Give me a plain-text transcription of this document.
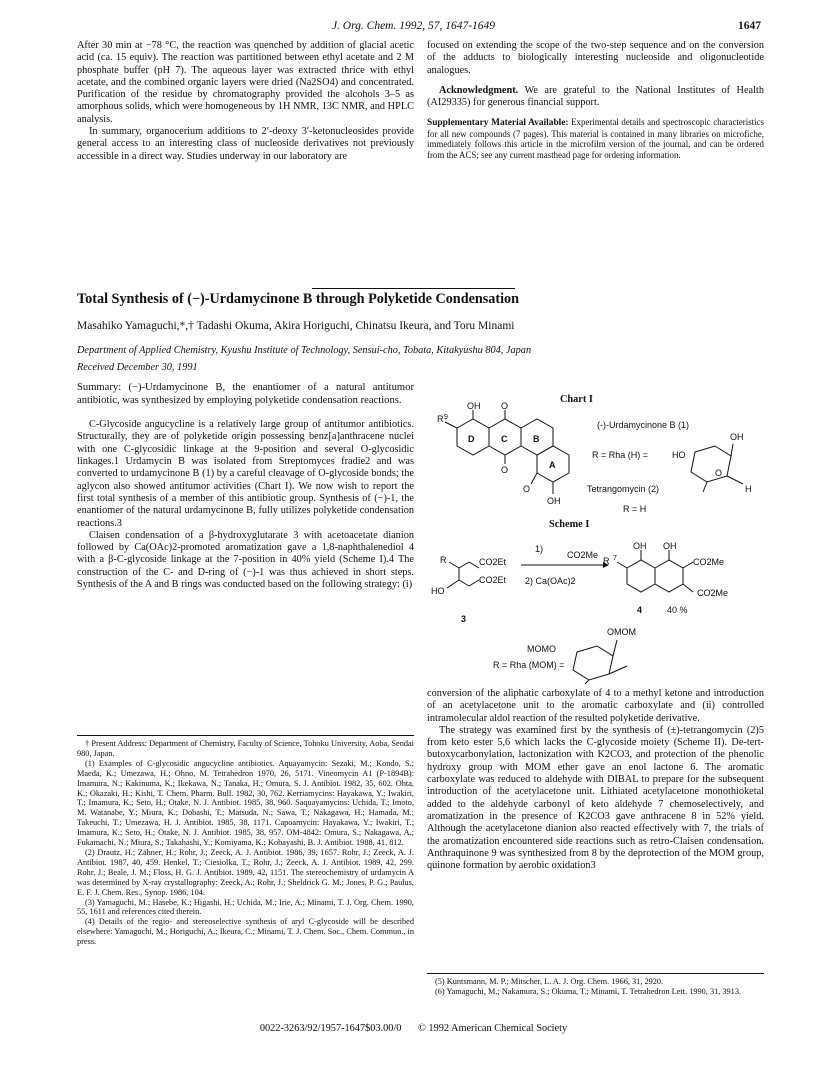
J. Org. Chem. 1992, 57, 1647-1649	1647

After 30 min at −78 °C, the reaction was quenched by addition of glacial acetic acid (ca. 15 equiv). The reaction was partitioned between ethyl acetate and 2 M phosphate buffer (pH 7). The aqueous layer was extracted thrice with ethyl acetate, and the combined organic layers were dried (Na2SO4) and concentrated. Purification of the residue by chromatography provided the alcohols 3–5 as amorphous solids, which were homogeneous by 1H NMR, 13C NMR, and HPLC analysis.

In summary, organocerium additions to 2′-deoxy 3′-ketonucleosides provide general access to an interesting class of nucleoside derivatives not previously accessible in a direct way. Studies underway in our laboratory are

focused on extending the scope of the two-step sequence and on the conversion of the adducts to biologically interesting nucleoside and oligonucleotide analogues.

Acknowledgment. We are grateful to the National Institutes of Health (AI29335) for generous financial support.

Supplementary Material Available: Experimental details and spectroscopic characteristics for all new compounds (7 pages). This material is contained in many libraries on microfiche, immediately follows this article in the microfilm version of the journal, and can be ordered from the ACS; see any current masthead page for ordering information.

Total Synthesis of (−)-Urdamycinone B through Polyketide Condensation
Masahiko Yamaguchi,*,† Tadashi Okuma, Akira Horiguchi, Chinatsu Ikeura, and Toru Minami
Department of Applied Chemistry, Kyushu Institute of Technology, Sensui-cho, Tobata, Kitakyushu 804, Japan
Received December 30, 1991

Summary: (−)-Urdamycinone B, the enantiomer of a natural antitumor antibiotic, was synthesized by employing polyketide condensation reactions.

C-Glycoside angucycline is a relatively large group of antitumor antibiotics. Structurally, they are of polyketide origin possessing benz[a]anthracene nuclei with one C-glycosidic linkage at the 9-position and several O-glycosidic linkages.1 Urdamycin B was isolated from Streptomyces fradie2 and was converted to urdamycinone B (1) by a careful cleavage of O-glycoside bonds; the aglycon also showed antitumor activities (Chart I). We now wish to report the first total synthesis of a member of this antibiotic group. Synthesis of (−)-1, the enantiomer of the natural urdamycinone B, fully utilizes polyketide condensation reactions.3

Claisen condensation of a β-hydroxyglutarate 3 with acetoacetate dianion followed by Ca(OAc)2-promoted aromatization gave a 1,8-naphthalenediol 4 with a β-C-glycoside linkage at the 7-position in 40% yield (Scheme I).4 The construction of the C- and D-ring of (−)-1 was thus achieved in short steps. Synthesis of the A and B rings was conducted based on the following strategy: (i)

† Present Address: Department of Chemistry, Faculty of Science, Tohoku University, Aoba, Sendai 980, Japan.

(1) Examples of C-glycosidic angucycline antibiotics. Aquayamycin: Sezaki, M.; Kondo, S.; Maeda, K.; Umezawa, H.; Ohno, M. Tetrahedron 1970, 26, 5171. Vineomycin A1 (P-1894B): Imamura, N.; Kakinuma, K.; Ikekawa, N.; Tanaka, H.; Omura, S. J. Antibiot. 1982, 35, 602. Ohta, K.; Okazaki, H.; Kishi, T. Chem. Pharm. Bull. 1982, 30, 762. Kerriamycins: Hayakawa, Y.; Iwakiri, T.; Imamura, K.; Seto, H.; Otake, N. J. Antibiot. 1985, 38, 960. Saquayamycins: Uchida, T.; Imoto, M. Watanabe, Y.; Miura, K.; Dobashi, T.; Matsuda, N.; Sawa, T.; Nakagawa, H.; Hamada, M.; Takeuchi, T.; Umezawa, H. J. Antibiot. 1985, 38, 1171. Capoamycin: Hayakawa, Y.; Iwakiri, T.; Imamura, K.; Seto, H.; Otake, N. J. Antibiot. 1985, 38, 957. OM-4842: Omura, S.; Nakagawa, A.; Fukamachi, N.; Miura, S.; Takahashi, Y.; Komiyama, K.; Kobayashi, B. J. Antibiot. 1988, 41, 812.

(2) Drautz, H.; Zähner, H.; Rohr, J.; Zeeck, A. J. Antibiot. 1986, 39, 1657. Rohr, J.; Zeeck, A. J. Antibiot. 1987, 40, 459. Henkel, T.; Ciesiolka, T.; Rohr, J.; Zeeck, A. J. Antibiot. 1989, 42, 299. Rohr, J.; Beale, J. M.; Floss, H. G. J. Antibiot. 1989, 42, 1151. The stereochemistry of urdamycin A was determined by X-ray crystallography: Zeeck, A.; Rohr, J.; Sheldrick G. M.; Jones, P. G.; Paulus, E. F. J. Chem. Res., Synop. 1986, 104.

(3) Yamaguchi, M.; Hasebe, K.; Higashi, H.; Uchida, M.; Irie, A.; Minami, T. J. Org. Chem. 1990, 55, 1611 and references cited therein.

(4) Details of the regio- and stereoselective synthesis of aryl C-glycoside will be described elsewhere: Yamaguchi, M.; Horiguchi, A.; Ikeura, C.; Minami, T. J. Chem. Soc., Chem. Commun., in press.

Chart I
R 9
OH O
O
D	C	B
A
O
OH
(-)-Urdamycinone B (1)
R = Rha (H) =	HO
OH
O
H
Tetrangomycin (2)
R = H
Scheme I
R	CO2Et
CO2Et
HO
3
1)
CO2Me
2) Ca(OAc)2
R 7
OH OH
CO2Me
CO2Me
4	40 %
OMOM
MOMO
R = Rha (MOM) =

conversion of the aliphatic carboxylate of 4 to a methyl ketone and introduction of an acetylacetone unit to the aromatic carboxylate and (ii) controlled intramolecular aldol reaction of the resulted polyketide derivative.

The strategy was examined first by the synthesis of (±)-tetrangomycin (2)5 from keto ester 5,6 which lacks the C-glycoside moiety (Scheme II). De-tert-butoxycarbonylation, lactonization with K2CO3, and protection of the phenolic hydroxy group with MOM ether gave an enol lactone 6. The aromatic carboxylate was reduced to aldehyde with DIBAL to prepare for the subsequent introduction of the acetylacetone unit. Lithiated acetylacetone monothioketal added to the aldehyde carbonyl of keto aldehyde 7 chemoselectively, and aromatization in the presence of K2CO3 gave anthracene 8 in 52% yield. Although the acetylacetone dianion also reacted effectively with 7, the trials of the aromatization encountered side reactions such as retro-Claisen condensation. Anthraquinone 9 was synthesized from 8 by the deprotection of the MOM group, quinone formation by aerobic oxidation3

(5) Kuntsmann, M. P.; Mitscher, L. A. J. Org. Chem. 1966, 31, 2920.

(6) Yamaguchi, M.; Nakamura, S.; Okuma, T.; Minami, T. Tetrahedron Lett. 1990, 31, 3913.

0022-3263/92/1957-1647$03.00/0 © 1992 American Chemical Society
